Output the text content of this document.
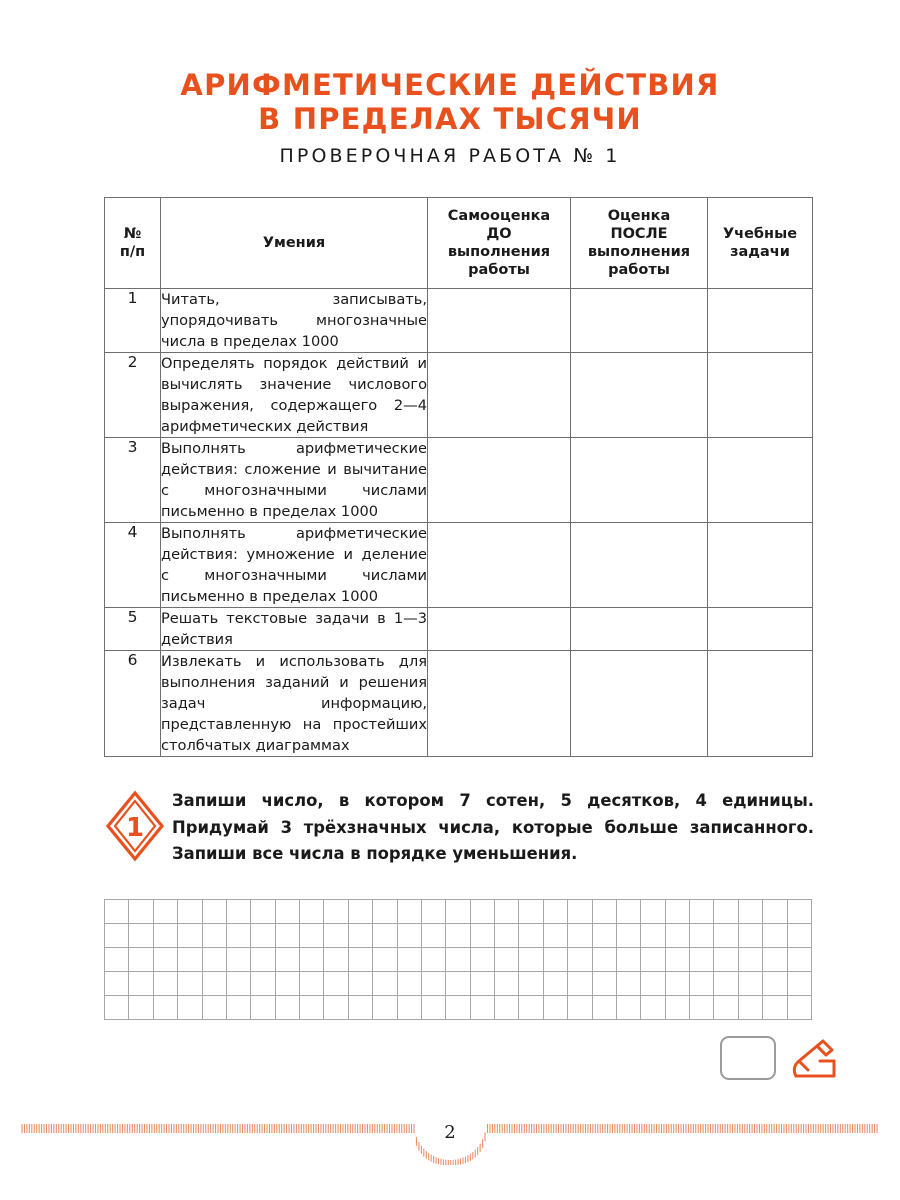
АРИФМЕТИЧЕСКИЕ ДЕЙСТВИЯ
В ПРЕДЕЛАХ ТЫСЯЧИ
ПРОВЕРОЧНАЯ РАБОТА № 1
№
п/п

Умения

Самооценка
ДО
выполнения
работы

Оценка
ПОСЛЕ
выполнения
работы

Учебные
задачи

1	Читать, записывать, упорядочивать многозначные числа в пределах 1000			
2	Определять порядок действий и вычислять значение числового выражения, содержащего 2—4 арифметических действия			
3	Выполнять арифметические действия: сложение и вычитание с многозначными числами письменно в пределах 1000			
4	Выполнять арифметические действия: умножение и деление с многозначными числами письменно в пределах 1000			
5	Решать текстовые задачи в 1—3 действия			
6	Извлекать и использовать для выполнения заданий и решения задач информацию, представленную на простейших столбчатых диаграммах			
1
Запиши число, в котором 7 сотен, 5 десятков, 4 единицы. Придумай 3 трёхзначных числа, которые больше записанного. Запиши все числа в порядке уменьшения.

2
